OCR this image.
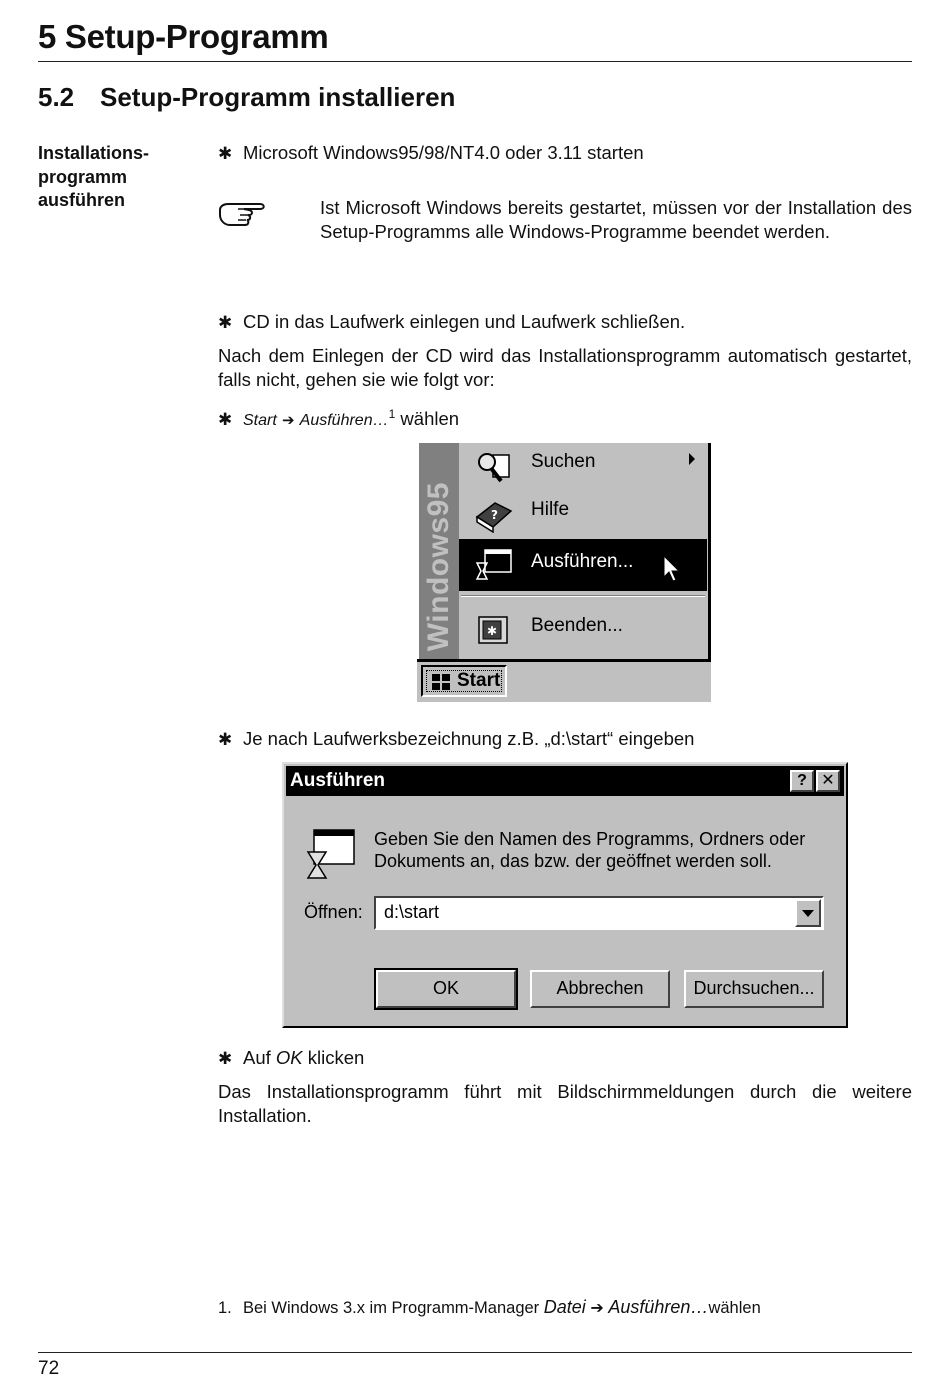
5 Setup-Programm
5.2 Setup-Programm installieren
Installations-
programm
ausführen
✱ Microsoft Windows95/98/NT4.0 oder 3.11 starten
Ist Microsoft Windows bereits gestartet, müssen vor der Installation des Setup-Programms alle Windows-Programme beendet werden.
✱ CD in das Laufwerk einlegen und Laufwerk schließen.
Nach dem Einlegen der CD wird das Installationsprogramm automatisch gestartet, falls nicht, gehen sie wie folgt vor:
✱ Start ➔ Ausführen…$^1$ wählen
Windows95
Suchen
? Hilfe
Ausführen...
✱ Beenden...
Start
✱ Je nach Laufwerksbezeichnung z.B. „d:\start“ eingeben
Ausführen	? ✕
Geben Sie den Namen des Programms, Ordners oder Dokuments an, das bzw. der geöffnet werden soll.
Öffnen: d:\start
OK	Abbrechen	Durchsuchen...
✱ Auf OK klicken
Das Installationsprogramm führt mit Bildschirmmeldungen durch die weitere Installation.
1. Bei Windows 3.x im Programm-Manager Datei ➔ Ausführen…wählen
72
